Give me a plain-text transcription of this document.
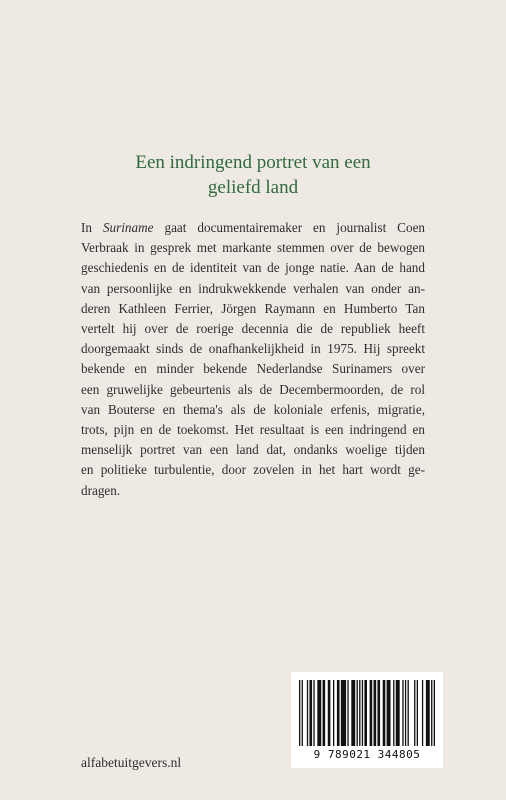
Een indringend portret van een
geliefd land
In Suriname gaat documentairemaker en journalist Coen
Verbraak in gesprek met markante stemmen over de bewogen
geschiedenis en de identiteit van de jonge natie. Aan de hand
van persoonlijke en indrukwekkende verhalen van onder an-
deren Kathleen Ferrier, Jörgen Raymann en Humberto Tan
vertelt hij over de roerige decennia die de republiek heeft
doorgemaakt sinds de onafhankelijkheid in 1975. Hij spreekt
bekende en minder bekende Nederlandse Surinamers over
een gruwelijke gebeurtenis als de Decembermoorden, de rol
van Bouterse en thema's als de koloniale erfenis, migratie,
trots, pijn en de toekomst. Het resultaat is een indringend en
menselijk portret van een land dat, ondanks woelige tijden
en politieke turbulentie, door zovelen in het hart wordt ge-
dragen.
9 789021 344805
alfabetuitgevers.nl
